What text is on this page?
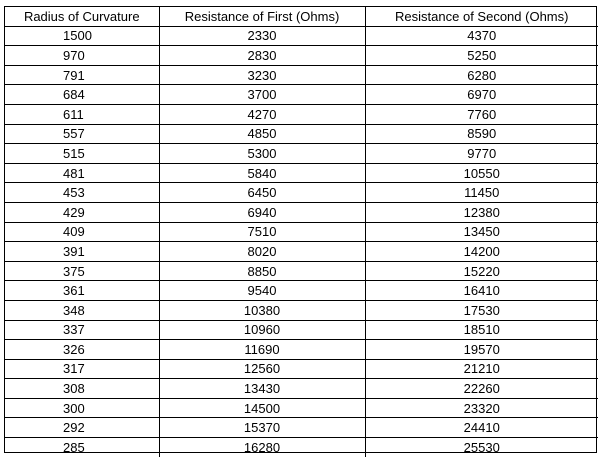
Radius of Curvature	Resistance of First (Ohms)	Resistance of Second (Ohms)
1500	2330	4370
970	2830	5250
791	3230	6280
684	3700	6970
611	4270	7760
557	4850	8590
515	5300	9770
481	5840	10550
453	6450	11450
429	6940	12380
409	7510	13450
391	8020	14200
375	8850	15220
361	9540	16410
348	10380	17530
337	10960	18510
326	11690	19570
317	12560	21210
308	13430	22260
300	14500	23320
292	15370	24410
285	16280	25530
